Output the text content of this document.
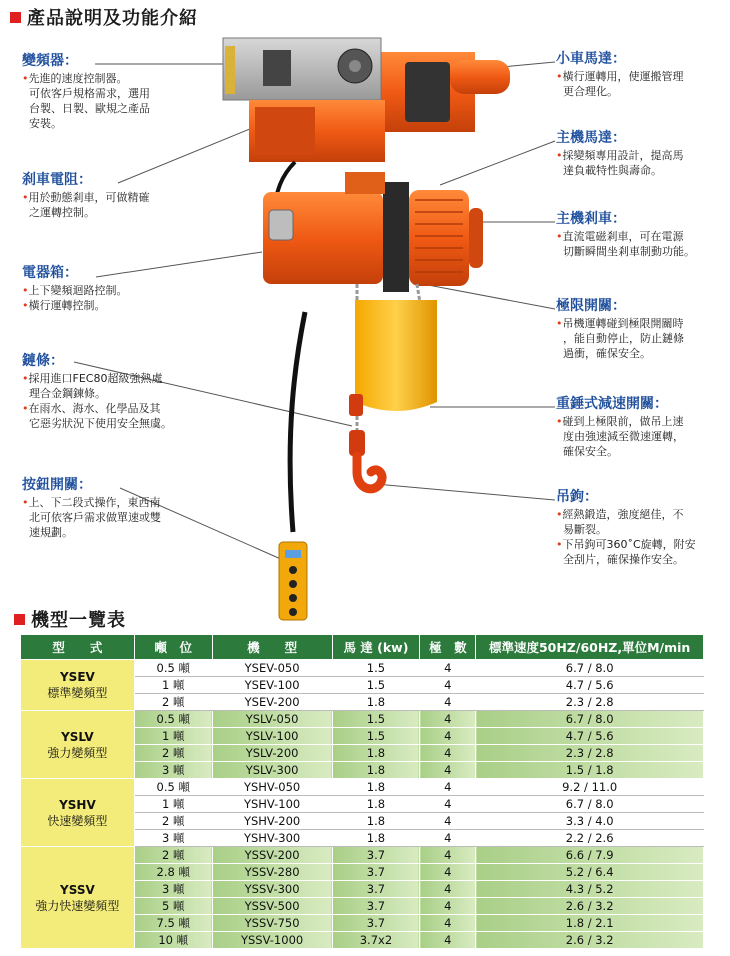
產品說明及功能介紹
變頻器：
•先進的速度控制器。
可依客戶規格需求，選用
台製、日製、歐規之產品
安裝。
刹車電阻：
•用於動態剎車，可做精確
之運轉控制。
電器箱：
•上下變頻迴路控制。
•橫行運轉控制。
鏈條：
•採用進口FEC80超級強熱處
理合金鋼鍊條。
•在雨水、海水、化學品及其
它惡劣狀況下使用安全無虞。
按鈕開關：
•上、下二段式操作，東西南
北可依客戶需求做單速或雙
速規劃。
小車馬達：
•橫行運轉用，使運搬管理
更合理化。
主機馬達：
•採變頻專用設計，提高馬
達負載特性與壽命。
主機剎車：
•直流電磁剎車，可在電源
切斷瞬間坐剎車制動功能。
極限開關：
•吊機運轉碰到極限開關時
，能自動停止，防止鏈條
過衝，確保安全。
重錘式減速開關：
•碰到上極限前，做吊上速
度由強速減至微速運轉，
確保安全。
吊鉤：
•經熱鍛造，強度絕佳，不
易斷裂。
•下吊鉤可360˚C旋轉，附安
全刮片，確保操作安全。
機型一覽表
型　　式	噸　位	機　　型	馬 達 (kw)	極　數	標準速度50HZ/60HZ,單位M/min

YSEV
標準變頻型	0.5 噸	YSEV-050	1.5	4	6.7 / 8.0
	1 噸	YSEV-100	1.5	4	4.7 / 5.6
	2 噸	YSEV-200	1.8	4	2.3 / 2.8

YSLV
強力變頻型	0.5 噸	YSLV-050	1.5	4	6.7 / 8.0
	1 噸	YSLV-100	1.5	4	4.7 / 5.6
	2 噸	YSLV-200	1.8	4	2.3 / 2.8
	3 噸	YSLV-300	1.8	4	1.5 / 1.8

YSHV
快速變頻型	0.5 噸	YSHV-050	1.8	4	9.2 / 11.0
	1 噸	YSHV-100	1.8	4	6.7 / 8.0
	2 噸	YSHV-200	1.8	4	3.3 / 4.0
	3 噸	YSHV-300	1.8	4	2.2 / 2.6

YSSV
強力快速變頻型	2 噸	YSSV-200	3.7	4	6.6 / 7.9
	2.8 噸	YSSV-280	3.7	4	5.2 / 6.4
	3 噸	YSSV-300	3.7	4	4.3 / 5.2
	5 噸	YSSV-500	3.7	4	2.6 / 3.2
	7.5 噸	YSSV-750	3.7	4	1.8 / 2.1
	10 噸	YSSV-1000	3.7x2	4	2.6 / 3.2
